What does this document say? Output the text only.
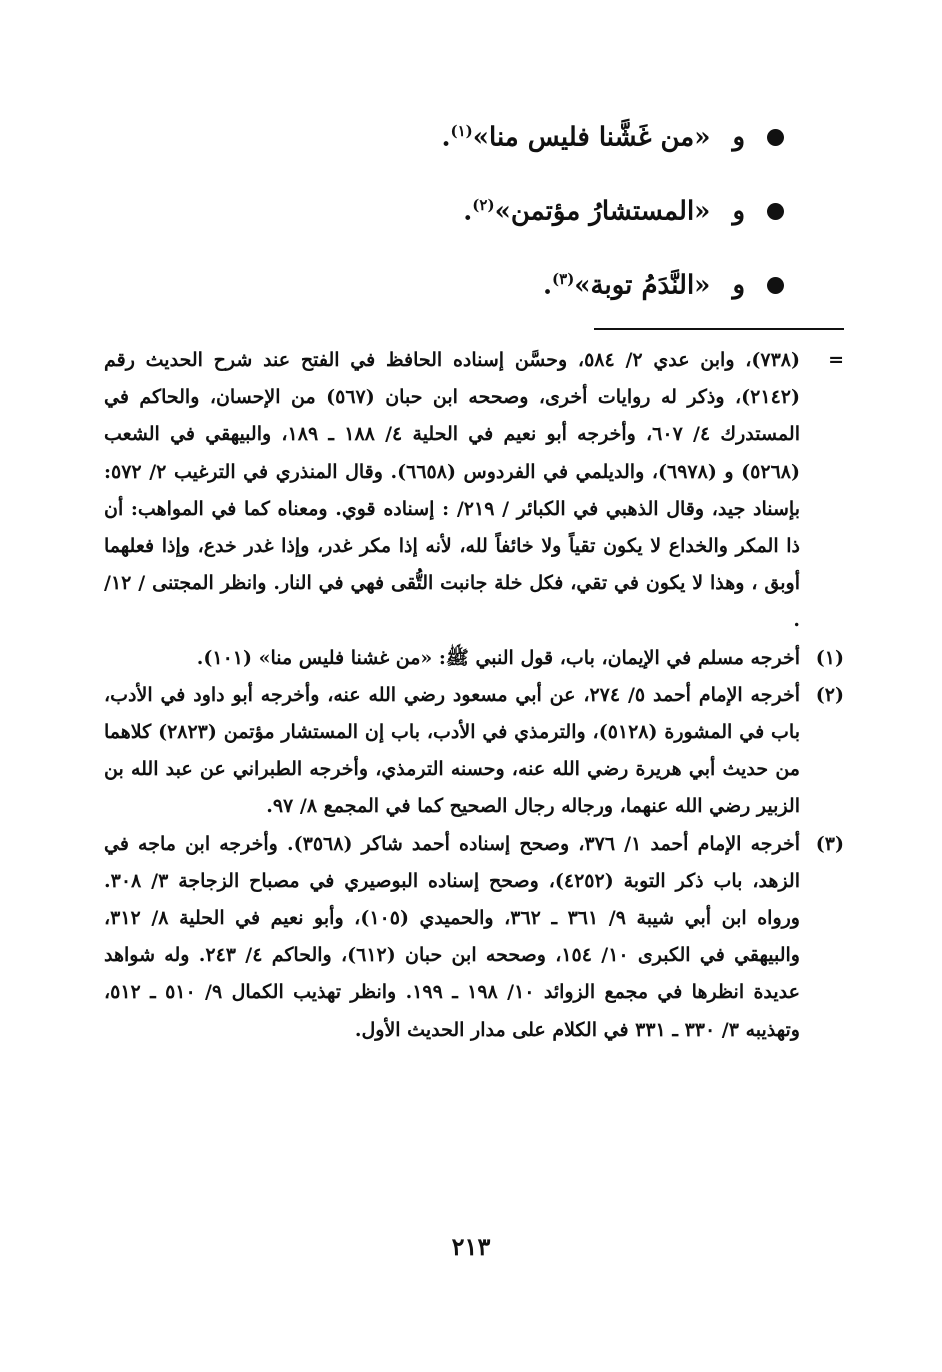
و
«من غَشَّنا فليس منا»$^{(١)}$.
و
«المستشارُ مؤتمن»$^{(٢)}$.
و
«النَّدَمُ توبة»$^{(٣)}$.
=

(٧٣٨)، وابن عدي ٢/ ٥٨٤، وحسَّن إسناده الحافظ في الفتح عند شرح الحديث رقم (٢١٤٢)، وذكر له روايات أخرى، وصححه ابن حبان (٥٦٧) من الإحسان، والحاكم في المستدرك ٤/ ٦٠٧، وأخرجه أبو نعيم في الحلية ٤/ ١٨٨ ـ ١٨٩، والبيهقي في الشعب (٥٢٦٨) و (٦٩٧٨)، والديلمي في الفردوس (٦٦٥٨). وقال المنذري في الترغيب ٢/ ٥٧٢: بإسناد جيد، وقال الذهبي في الكبائر / ٢١٩/ : إسناده قوي. ومعناه كما في المواهب: أن ذا المكر والخداع لا يكون تقياً ولا خائفاً لله، لأنه إذا مكر غدر، وإذا غدر خدع، وإذا فعلهما أوبق ، وهذا لا يكون في تقي، فكل خلة جانبت التُّقى فهي في النار. وانظر المجتنى / ١٢/ .

(١)

أخرجه مسلم في الإيمان، باب، قول النبي ﷺ: «من غشنا فليس منا» (١٠١).

(٢)

أخرجه الإمام أحمد ٥/ ٢٧٤، عن أبي مسعود رضي الله عنه، وأخرجه أبو داود في الأدب، باب في المشورة (٥١٢٨)، والترمذي في الأدب، باب إن المستشار مؤتمن (٢٨٢٣) كلاهما من حديث أبي هريرة رضي الله عنه، وحسنه الترمذي، وأخرجه الطبراني عن عبد الله بن الزبير رضي الله عنهما، ورجاله رجال الصحيح كما في المجمع ٨/ ٩٧.

(٣)

أخرجه الإمام أحمد ١/ ٣٧٦، وصحح إسناده أحمد شاكر (٣٥٦٨). وأخرجه ابن ماجه في الزهد، باب ذكر التوبة (٤٢٥٢)، وصحح إسناده البوصيري في مصباح الزجاجة ٣/ ٣٠٨. ورواه ابن أبي شيبة ٩/ ٣٦١ ـ ٣٦٢، والحميدي (١٠٥)، وأبو نعيم في الحلية ٨/ ٣١٢، والبيهقي في الكبرى ١٠/ ١٥٤، وصححه ابن حبان (٦١٢)، والحاكم ٤/ ٢٤٣. وله شواهد عديدة انظرها في مجمع الزوائد ١٠/ ١٩٨ ـ ١٩٩. وانظر تهذيب الكمال ٩/ ٥١٠ ـ ٥١٢، وتهذيبه ٣/ ٣٣٠ ـ ٣٣١ في الكلام على مدار الحديث الأول.

٢١٣
